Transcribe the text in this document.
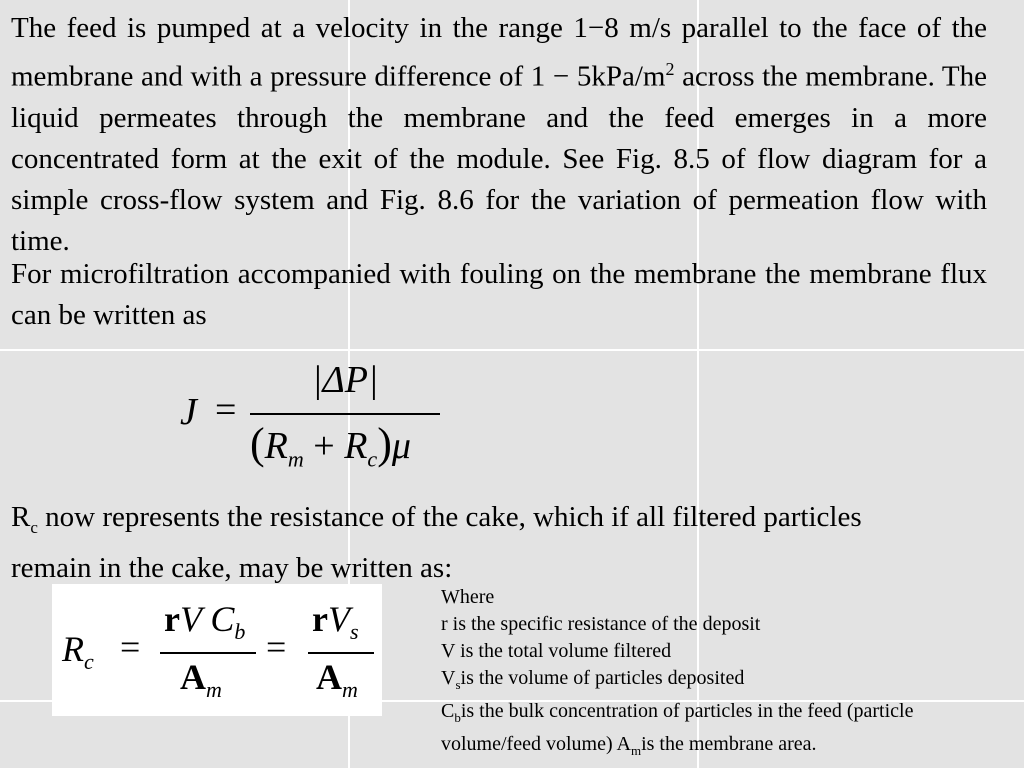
The feed is pumped at a velocity in the range 1−8 m/s parallel to the face of the membrane and with a pressure difference of $1 - 5kPa/m^2$ across the membrane. The liquid permeates through the membrane and the feed emerges in a more concentrated form at the exit of the module. See Fig. 8.5 of flow diagram for a simple cross-flow system and Fig. 8.6 for the variation of permeation flow with time.
For microfiltration accompanied with fouling on the membrane the membrane flux can be written as
J =
|ΔP|
$(R_m + R_c)\mu$
$R_c$ now represents the resistance of the cake, which if all filtered particles remain in the cake, may be written as:
$R_c$ =
rV $C_b$
$A_m$
=
$rV_s$
$A_m$
Where
r is the specific resistance of the deposit
V is the total volume filtered
$V_sis$ the volume of particles deposited
$C_bis$ the bulk concentration of particles in the feed (particle
volume/feed volume) $A_mis$ the membrane area.
